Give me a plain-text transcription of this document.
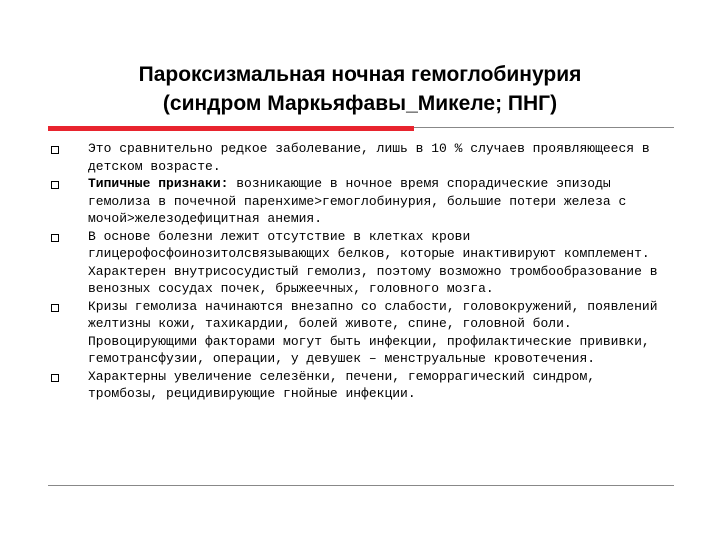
Пароксизмальная ночная гемоглобинурия
(синдром Маркьяфавы_Микеле; ПНГ)
Это сравнительно редкое заболевание, лишь в 10 % случаев проявляющееся в детском возрасте.
Типичные признаки: возникающие в ночное время спорадические эпизоды гемолиза в почечной паренхиме>гемоглобинурия, большие потери железа с мочой>железодефицитная анемия.
В основе болезни лежит отсутствие в клетках крови глицерофосфоинозитолсвязывающих белков, которые инактивируют комплемент. Характерен внутрисосудистый гемолиз, поэтому возможно тромбообразование в венозных сосудах почек, брыжеечных, головного мозга.
Кризы гемолиза начинаются внезапно со слабости, головокружений, появлений желтизны кожи, тахикардии, болей животе, спине, головной боли. Провоцирующими факторами могут быть инфекции, профилактические прививки, гемотрансфузии, операции, у девушек – менструальные кровотечения.
Характерны увеличение селезёнки, печени, геморрагический синдром, тромбозы, рецидивирующие гнойные инфекции.
